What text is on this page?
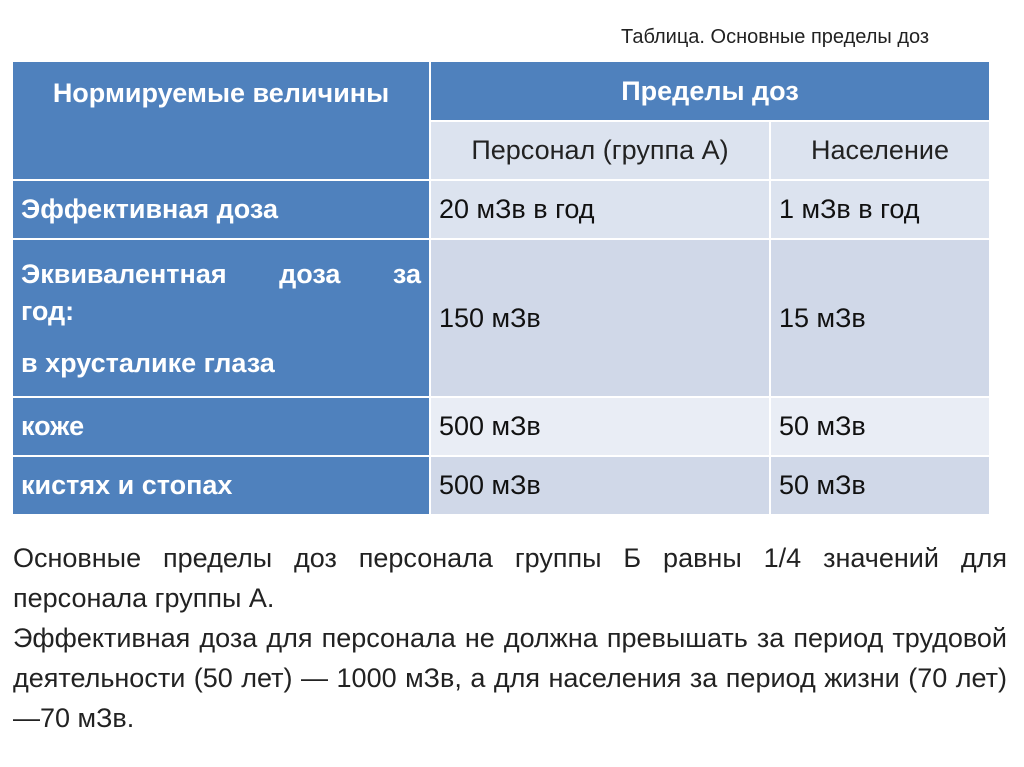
Таблица. Основные пределы доз
Нормируемые величины	Пределы доз	
	Персонал (группа А)	Население
Эффективная доза	20 мЗв в год	1 мЗв в год

Эквивалентная доза за
год:
в хрусталике глаза	150 мЗв	15 мЗв
коже	500 мЗв	50 мЗв
кистях и стопах	500 мЗв	50 мЗв

Основные пределы доз персонала группы Б равны 1/4 значений для персонала группы А.

Эффективная доза для персонала не должна превышать за период трудовой деятельности (50 лет) — 1000 мЗв, а для населения за период жизни (70 лет) —70 мЗв.
